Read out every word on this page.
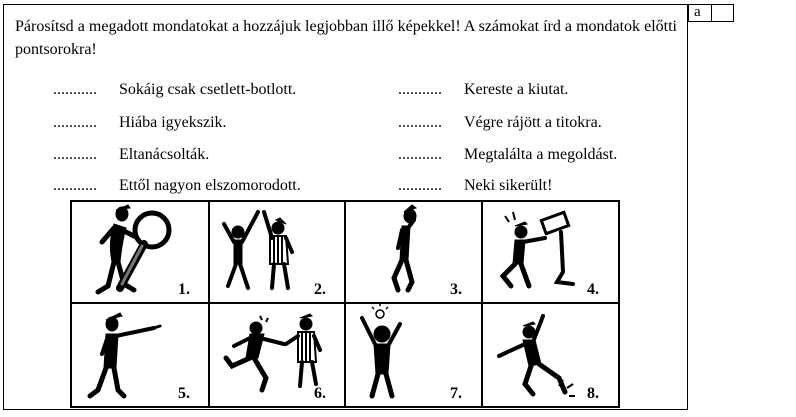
a

Párosítsd a megadott mondatokat a hozzájuk legjobban illő képekkel! A számokat írd a mondatok előtti pontsorokra!

........... Sokáig csak csetlett-botlott.
........... Hiába igyekszik.
........... Eltanácsolták.
........... Ettől nagyon elszomorodott.
........... Kereste a kiutat.
........... Végre rájött a titokra.
........... Megtalálta a megoldást.
........... Neki sikerült!
1.	2.	3.	4.
5.	6.	7.	8.
